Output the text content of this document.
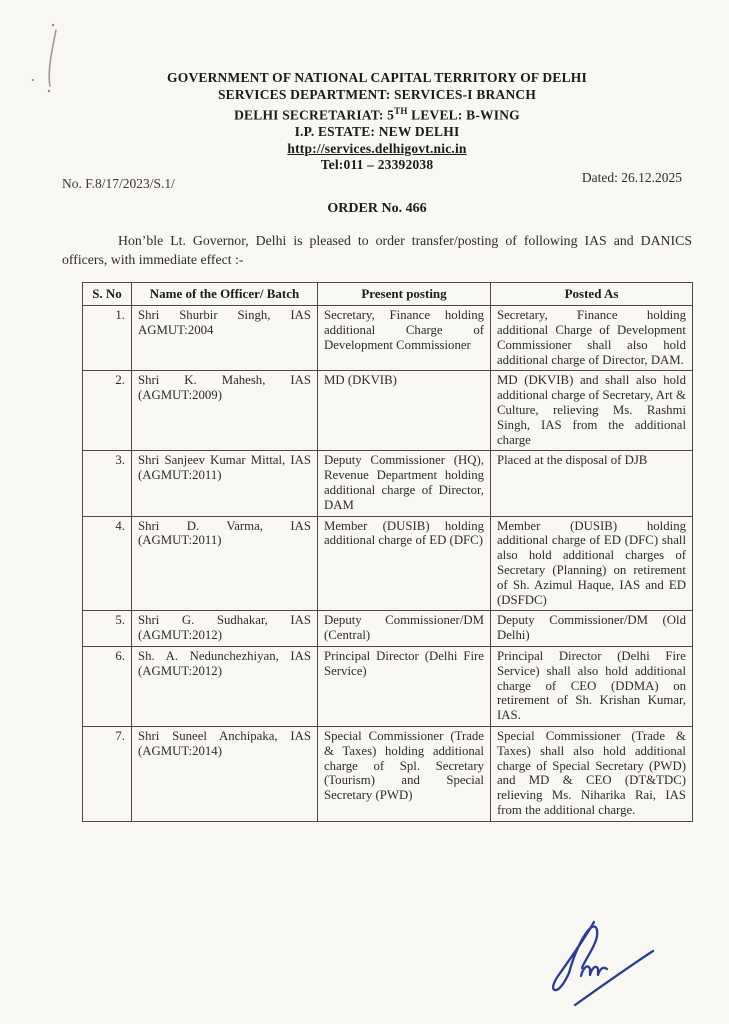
GOVERNMENT OF NATIONAL CAPITAL TERRITORY OF DELHI
SERVICES DEPARTMENT: SERVICES-I BRANCH
DELHI SECRETARIAT: 5TH LEVEL: B-WING
I.P. ESTATE: NEW DELHI
http://services.delhigovt.nic.in
Tel:011 – 23392038
No. F.8/17/2023/S.1/	Dated: 26.12.2025
ORDER No. 466

Hon’ble Lt. Governor, Delhi is pleased to order transfer/posting of following IAS and DANICS officers, with immediate effect :-

S. No	Name of the Officer/ Batch	Present posting	Posted As
1.	Shri Shurbir Singh, IAS AGMUT:2004	Secretary, Finance holding additional Charge of Development Commissioner	Secretary, Finance holding additional Charge of Development Commissioner shall also hold additional charge of Director, DAM.
2.	Shri K. Mahesh, IAS (AGMUT:2009)	MD (DKVIB)	MD (DKVIB) and shall also hold additional charge of Secretary, Art & Culture, relieving Ms. Rashmi Singh, IAS from the additional charge
3.	Shri Sanjeev Kumar Mittal, IAS (AGMUT:2011)	Deputy Commissioner (HQ), Revenue Department holding additional charge of Director, DAM	Placed at the disposal of DJB
4.	Shri D. Varma, IAS (AGMUT:2011)	Member (DUSIB) holding additional charge of ED (DFC)	Member (DUSIB) holding additional charge of ED (DFC) shall also hold additional charges of Secretary (Planning) on retirement of Sh. Azimul Haque, IAS and ED (DSFDC)
5.	Shri G. Sudhakar, IAS (AGMUT:2012)	Deputy Commissioner/DM (Central)	Deputy Commissioner/DM (Old Delhi)
6.	Sh. A. Nedunchezhiyan, IAS (AGMUT:2012)	Principal Director (Delhi Fire Service)	Principal Director (Delhi Fire Service) shall also hold additional charge of CEO (DDMA) on retirement of Sh. Krishan Kumar, IAS.
7.	Shri Suneel Anchipaka, IAS (AGMUT:2014)	Special Commissioner (Trade & Taxes) holding additional charge of Spl. Secretary (Tourism) and Special Secretary (PWD)	Special Commissioner (Trade & Taxes) shall also hold additional charge of Special Secretary (PWD) and MD & CEO (DT&TDC) relieving Ms. Niharika Rai, IAS from the additional charge.
